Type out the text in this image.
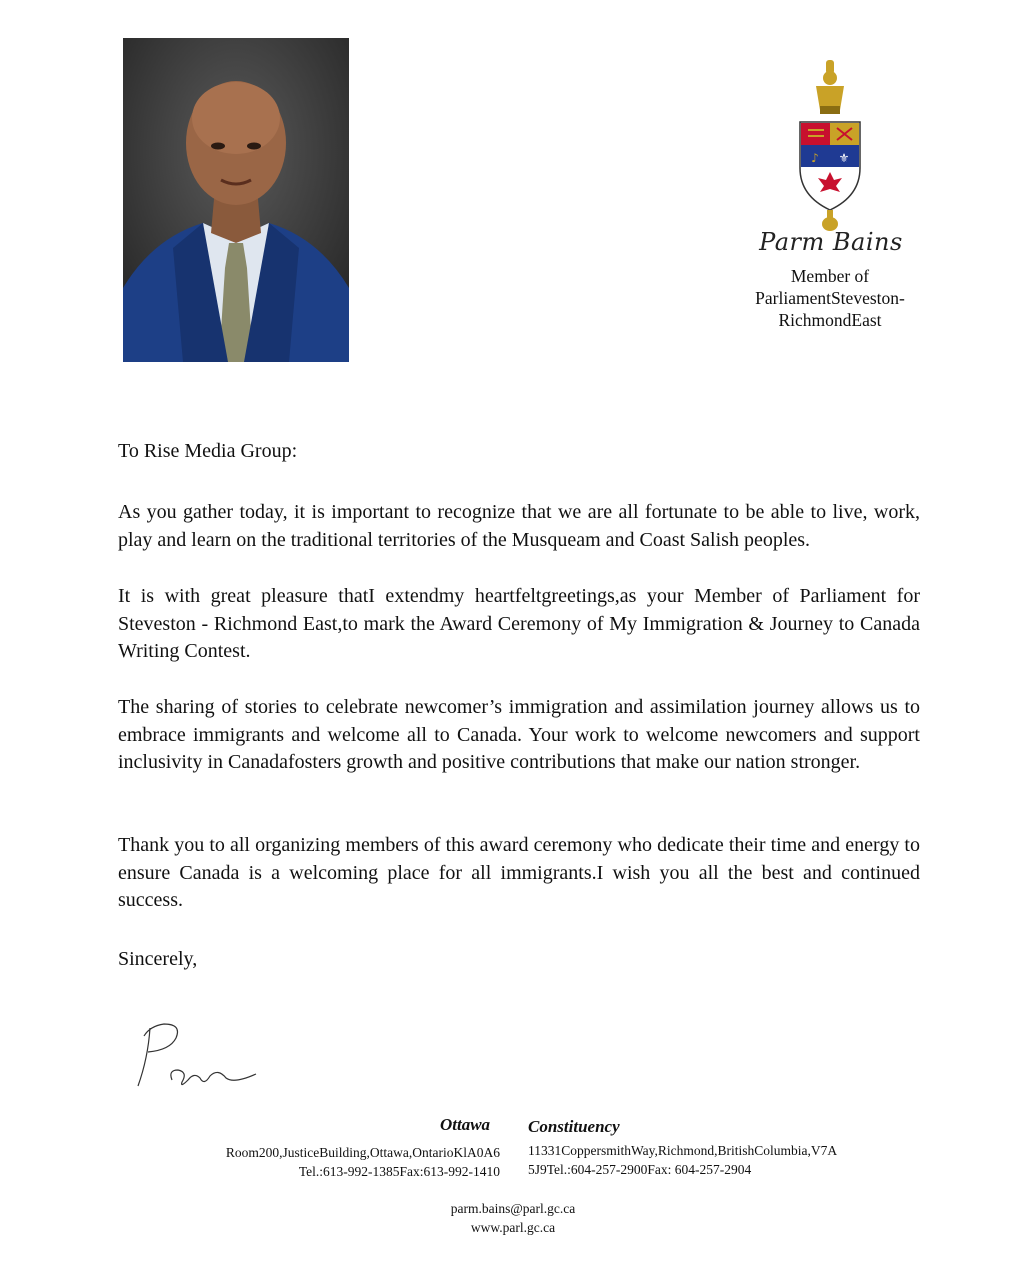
♪ ⚜
Parm Bains
Member of
ParliamentSteveston-
RichmondEast
To Rise Media Group:

As you gather today, it is important to recognize that we are all fortunate to be able to live, work, play and learn on the traditional territories of the Musqueam and Coast Salish peoples.

It is with great pleasure thatI extendmy heartfeltgreetings,as your Member of Parliament for Steveston - Richmond East,to mark the Award Ceremony of My Immigration & Journey to Canada Writing Contest.

The sharing of stories to celebrate newcomer’s immigration and assimilation journey allows us to embrace immigrants and welcome all to Canada. Your work to welcome newcomers and support inclusivity in Canadafosters growth and positive contributions that make our nation stronger.

Thank you to all organizing members of this award ceremony who dedicate their time and energy to ensure Canada is a welcoming place for all immigrants.I wish you all the best and continued success.

Sincerely,
Ottawa Constituency
Room200,JusticeBuilding,Ottawa,OntarioKlA0A6
Tel.:613-992-1385Fax:613-992-1410
11331CoppersmithWay,Richmond,BritishColumbia,V7A
5J9Tel.:604-257-2900Fax: 604-257-2904
parm.bains@parl.gc.ca
www.parl.gc.ca
